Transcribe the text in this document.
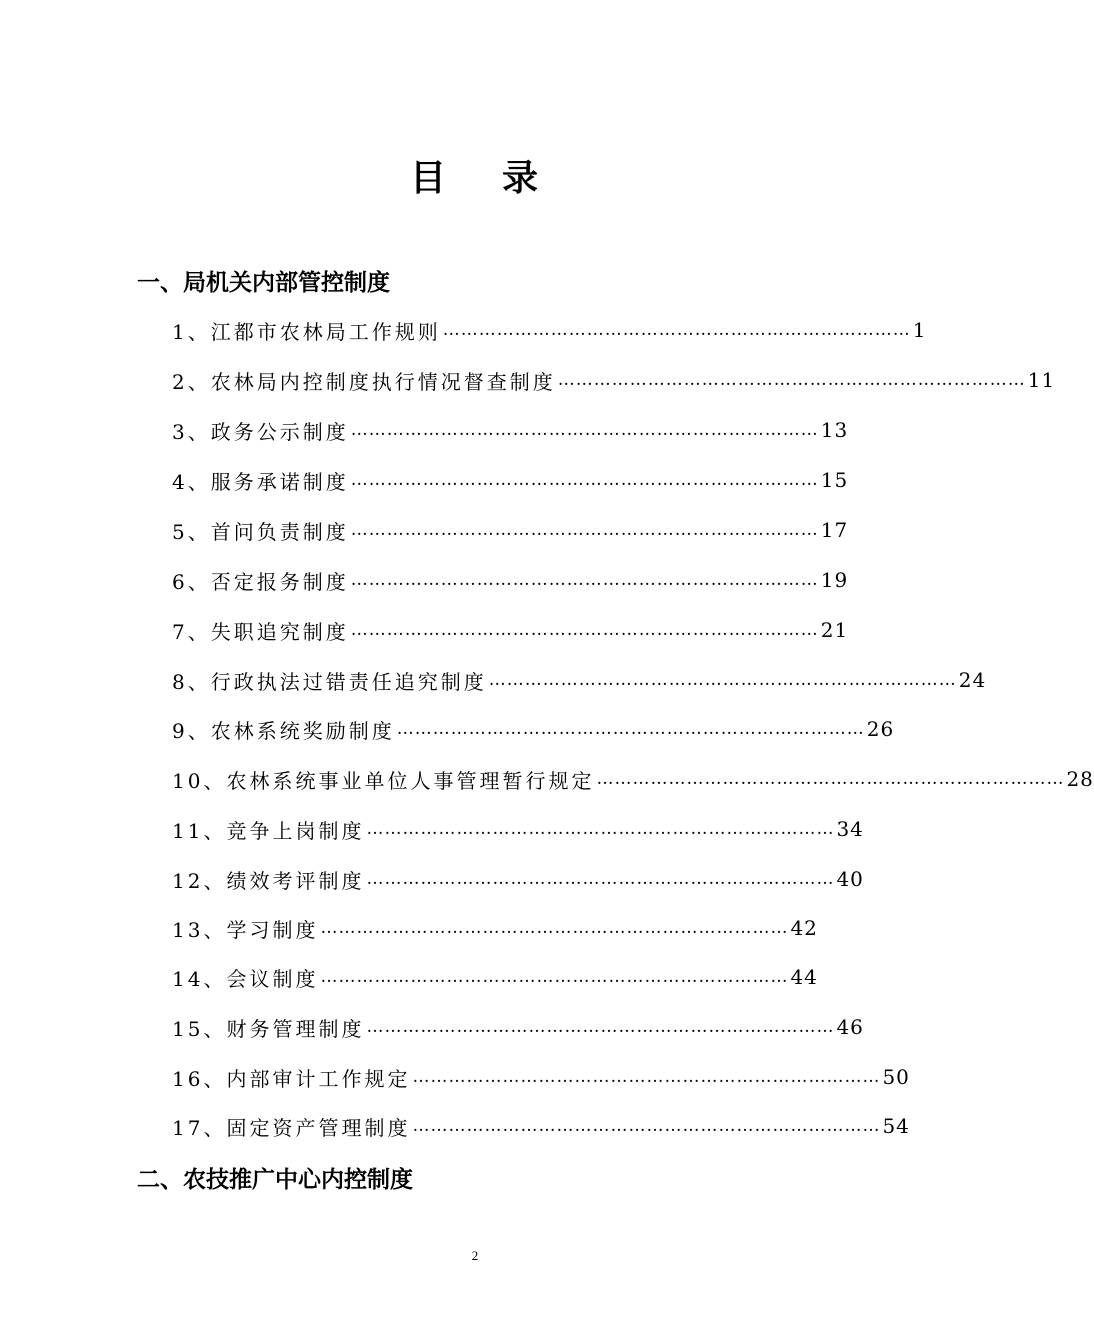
目 录
一、局机关内部管控制度
1、江都市农林局工作规则 …………………………………………………………………… 1
2、农林局内控制度执行情况督查制度 …………………………………………………………………… 11
3、政务公示制度 …………………………………………………………………… 13
4、服务承诺制度 …………………………………………………………………… 15
5、首问负责制度 …………………………………………………………………… 17
6、否定报务制度 …………………………………………………………………… 19
7、失职追究制度 …………………………………………………………………… 21
8、行政执法过错责任追究制度 …………………………………………………………………… 24
9、农林系统奖励制度 …………………………………………………………………… 26
10、农林系统事业单位人事管理暂行规定 …………………………………………………………………… 28
11、竞争上岗制度 …………………………………………………………………… 34
12、绩效考评制度 …………………………………………………………………… 40
13、学习制度 …………………………………………………………………… 42
14、会议制度 …………………………………………………………………… 44
15、财务管理制度 …………………………………………………………………… 46
16、内部审计工作规定 …………………………………………………………………… 50
17、固定资产管理制度 …………………………………………………………………… 54
二、农技推广中心内控制度
2
